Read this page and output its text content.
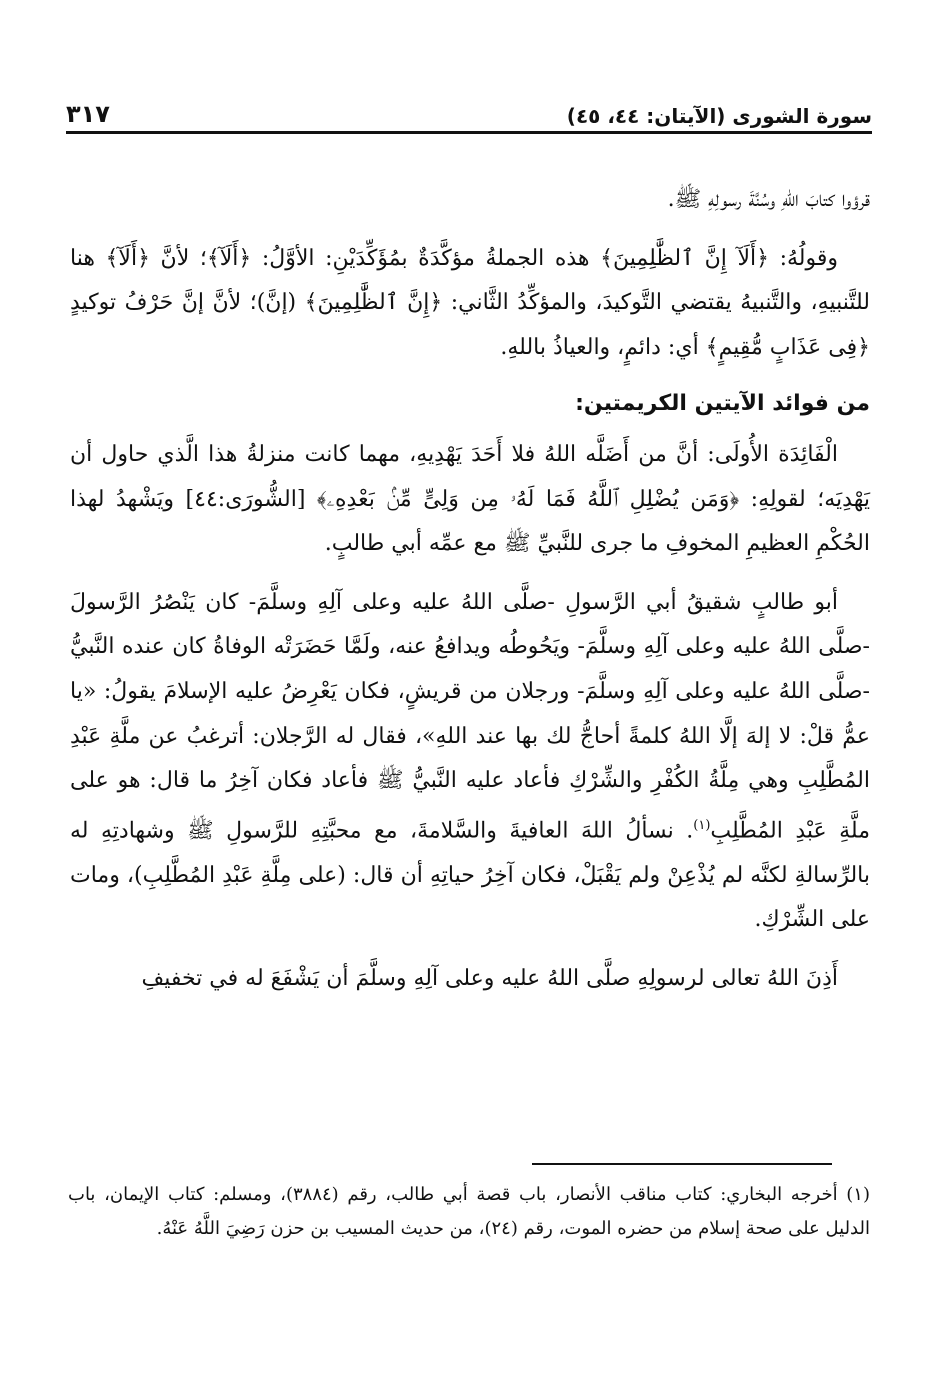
سورة الشورى (الآيتان: ٤٤، ٤٥)
٣١٧

قرؤوا كتابَ اللهِ وسُنَّةَ رسولِهِ ﷺ.

وقولُهُ: ﴿أَلَآ إِنَّ ٱلظَّٰلِمِينَ﴾ هذه الجملةُ مؤكَّدَةٌ بمُؤَكِّدَيْنِ: الأوَّلُ: ﴿أَلَآ﴾؛ لأنَّ ﴿أَلَآ﴾ هنا للتَّنبيهِ، والتَّنبيهُ يقتضي التَّوكيدَ، والمؤكِّدُ الثَّاني: ﴿إِنَّ ٱلظَّٰلِمِينَ﴾ (إنَّ)؛ لأنَّ إنَّ حَرْفُ توكيدٍ ﴿فِى عَذَابٍ مُّقِيمٍ﴾ أي: دائمٍ، والعياذُ باللهِ.

من فوائد الآيتين الكريمتين:

الْفَائِدَة الأُولَى: أنَّ من أَضَلَّه اللهُ فلا أَحَدَ يَهْدِيهِ، مهما كانت منزلةُ هذا الَّذي حاول أن يَهْدِيَه؛ لقولِهِ: ﴿وَمَن يُضْلِلِ ٱللَّهُ فَمَا لَهُۥ مِن وَلِىٍّ مِّنۢ بَعْدِهِۦ﴾ [الشُّورَى:٤٤] ويَشْهدُ لهذا الحُكْمِ العظيمِ المخوفِ ما جرى للنَّبيِّ ﷺ مع عمِّه أبي طالبٍ.

أبو طالبٍ شقيقُ أبي الرَّسولِ -صلَّى اللهُ عليه وعلى آلِهِ وسلَّمَ- كان يَنْصُرُ الرَّسولَ -صلَّى اللهُ عليه وعلى آلِهِ وسلَّمَ- ويَحُوطُه ويدافعُ عنه، ولَمَّا حَضَرَتْه الوفاةُ كان عنده النَّبيُّ -صلَّى اللهُ عليه وعلى آلِهِ وسلَّمَ- ورجلان من قريشٍ، فكان يَعْرِضُ عليه الإسلامَ يقولُ: «يا عمُّ قلْ: لا إلهَ إلَّا اللهُ كلمةً أحاجُّ لك بها عند اللهِ»، فقال له الرَّجلان: أترغبُ عن ملَّةِ عَبْدِ المُطَّلِبِ وهي مِلَّةُ الكُفْرِ والشِّرْكِ فأعاد عليه النَّبيُّ ﷺ فأعاد فكان آخِرُ ما قال: هو على ملَّةِ عَبْدِ المُطَّلِبِ$^{(١)}$. نسألُ اللهَ العافيةَ والسَّلامةَ، مع محبَّتِهِ للرَّسولِ ﷺ وشهادتِهِ له بالرِّسالةِ لكنَّه لم يُذْعِنْ ولم يَقْبَلْ، فكان آخِرُ حياتِهِ أن قال: (على مِلَّةِ عَبْدِ المُطَّلِبِ)، ومات على الشِّرْكِ.

أَذِنَ اللهُ تعالى لرسولِهِ صلَّى اللهُ عليه وعلى آلِهِ وسلَّمَ أن يَشْفَعَ له في تخفيفِ

(١) أخرجه البخاري: كتاب مناقب الأنصار، باب قصة أبي طالب، رقم (٣٨٨٤)، ومسلم: كتاب الإيمان، باب الدليل على صحة إسلام من حضره الموت، رقم (٢٤)، من حديث المسيب بن حزن رَضِيَ اللَّهُ عَنْهُ.
